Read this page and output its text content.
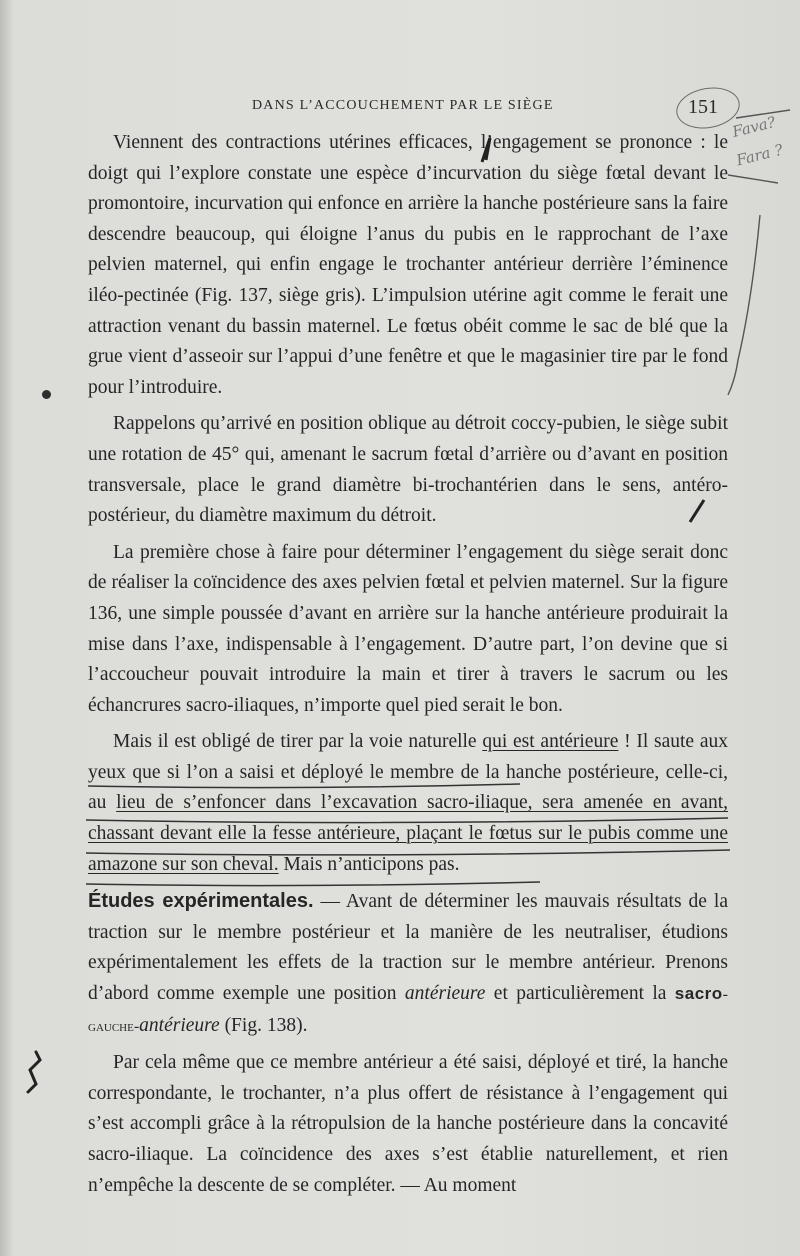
DANS L’ACCOUCHEMENT PAR LE SIÈGE	151
Fava?
Fara ?

Viennent des contractions utérines efficaces, l’engagement se prononce : le doigt qui l’explore constate une espèce d’incurvation du siège fœtal devant le promontoire, incurvation qui enfonce en arrière la hanche postérieure sans la faire descendre beaucoup, qui éloigne l’anus du pubis en le rapprochant de l’axe pelvien maternel, qui enfin engage le trochanter antérieur derrière l’éminence iléo-pectinée (Fig. 137, siège gris). L’impulsion utérine agit comme le ferait une attraction venant du bassin maternel. Le fœtus obéit comme le sac de blé que la grue vient d’asseoir sur l’appui d’une fenêtre et que le magasinier tire par le fond pour l’introduire.

Rappelons qu’arrivé en position oblique au détroit coccy-pubien, le siège subit une rotation de 45° qui, amenant le sacrum fœtal d’arrière ou d’avant en position transversale, place le grand diamètre bi-trochantérien dans le sens, antéro-postérieur, du diamètre maximum du détroit.

La première chose à faire pour déterminer l’engagement du siège serait donc de réaliser la coïncidence des axes pelvien fœtal et pelvien maternel. Sur la figure 136, une simple poussée d’avant en arrière sur la hanche antérieure produirait la mise dans l’axe, indispensable à l’engagement. D’autre part, l’on devine que si l’accoucheur pouvait introduire la main et tirer à travers le sacrum ou les échancrures sacro-iliaques, n’importe quel pied serait le bon.

Mais il est obligé de tirer par la voie naturelle qui est antérieure ! Il saute aux yeux que si l’on a saisi et déployé le membre de la hanche postérieure, celle-ci, au lieu de s’enfoncer dans l’excavation sacro-iliaque, sera amenée en avant, chassant devant elle la fesse antérieure, plaçant le fœtus sur le pubis comme une amazone sur son cheval. Mais n’anticipons pas.

Études expérimentales. — Avant de déterminer les mauvais résultats de la traction sur le membre postérieur et la manière de les neutraliser, étudions expérimentalement les effets de la traction sur le membre antérieur. Prenons d’abord comme exemple une position antérieure et particulièrement la sacro-gauche-antérieure (Fig. 138).

Par cela même que ce membre antérieur a été saisi, déployé et tiré, la hanche correspondante, le trochanter, n’a plus offert de résistance à l’engagement qui s’est accompli grâce à la rétropulsion de la hanche postérieure dans la concavité sacro-iliaque. La coïncidence des axes s’est établie naturellement, et rien n’empêche la descente de se compléter. — Au moment
